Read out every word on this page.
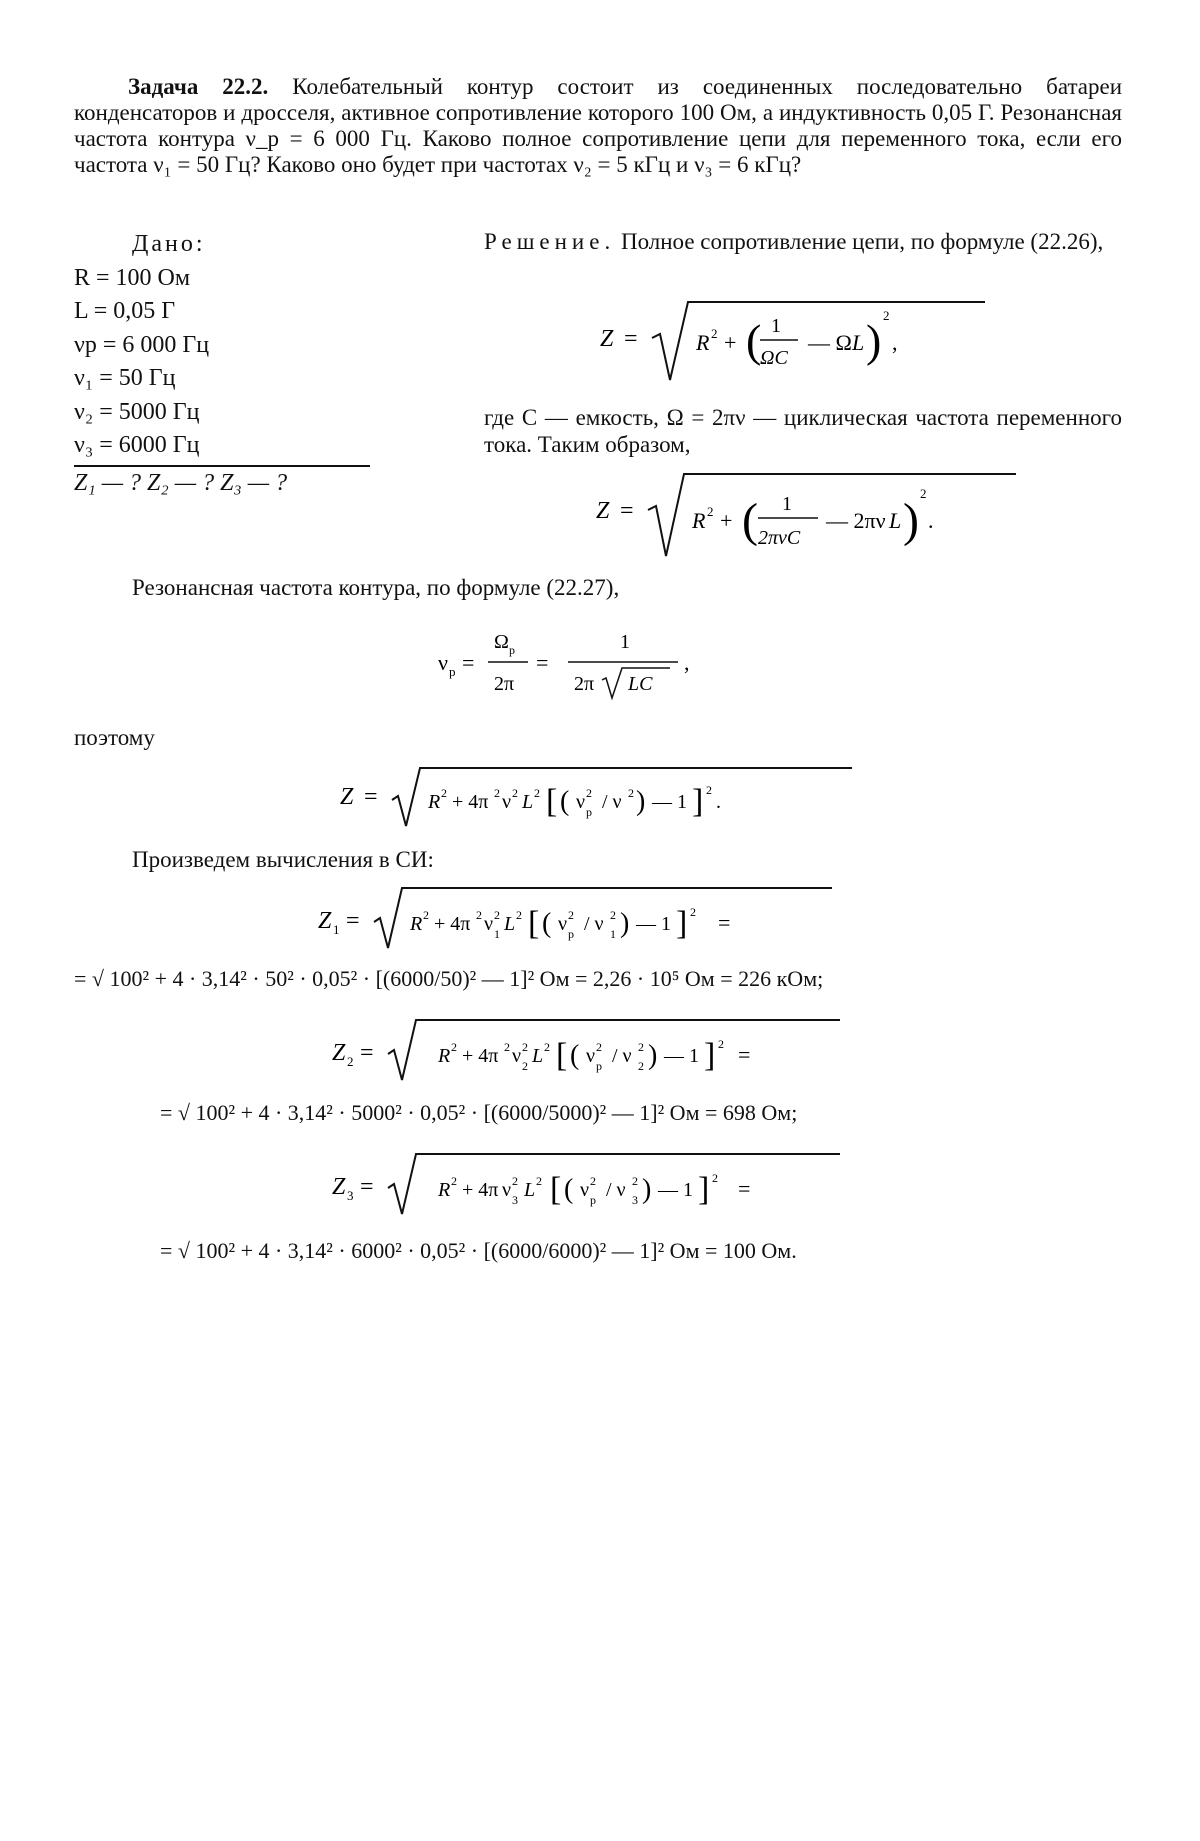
Задача 22.2. Колебательный контур состоит из соединенных последовательно батареи конденсаторов и дросселя, активное сопротивление которого 100 Ом, а индуктивность 0,05 Г. Резонанcная частота контура ν_р = 6 000 Гц. Каково полное сопротивление цепи для переменного тока, если его частота ν₁ = 50 Гц? Каково оно будет при частотах ν₂ = 5 кГц и ν₃ = 6 кГц?
Дано:
R = 100 Ом
L = 0,05 Г
νр = 6 000 Гц
ν₁ = 50 Гц
ν₂ = 5000 Гц
ν₃ = 6000 Гц
Z₁ — ? Z₂ — ? Z₃ — ?
Решение. Полное сопротивление цепи, по формуле (22.26),
Z =	R 2 + ( 1
ΩC
— Ω L ) 2
,
где C — емкость, Ω = 2πν — циклическая частота переменного тока. Таким образом,
Z =	R 2 + ( 1
2πνC
— 2πν L )
2
.
Резонансная частота контура, по формуле (22.27),
ν р =
Ω р
2π
=
1
2π LC
,
поэтому
Z =	R 2 + 4π 2 ν 2 L 2 [ ( ν 2
р / ν 2 ) — 1 ] 2
.
Произведем вычисления в СИ:
Z 1 =	R 2 + 4π 2 ν 2
1 L 2 [ ( ν 2
р / ν 2
1 ) — 1 ] 2 =
= √ 100² + 4 · 3,14² · 50² · 0,05² · [(6000/50)² — 1]² Ом = 2,26 · 10⁵ Ом = 226 кОм;
Z 2 =	R 2 + 4π 2 ν 2
2 L 2 [ ( ν 2
р / ν 2
2 ) — 1 ] 2 =
= √ 100² + 4 · 3,14² · 5000² · 0,05² · [(6000/5000)² — 1]² Ом = 698 Ом;
Z 3 =	R 2 + 4π ν 2
3 L 2 [ ( ν 2
р / ν 2
3 ) — 1 ] 2 =
= √ 100² + 4 · 3,14² · 6000² · 0,05² · [(6000/6000)² — 1]² Ом = 100 Ом.
